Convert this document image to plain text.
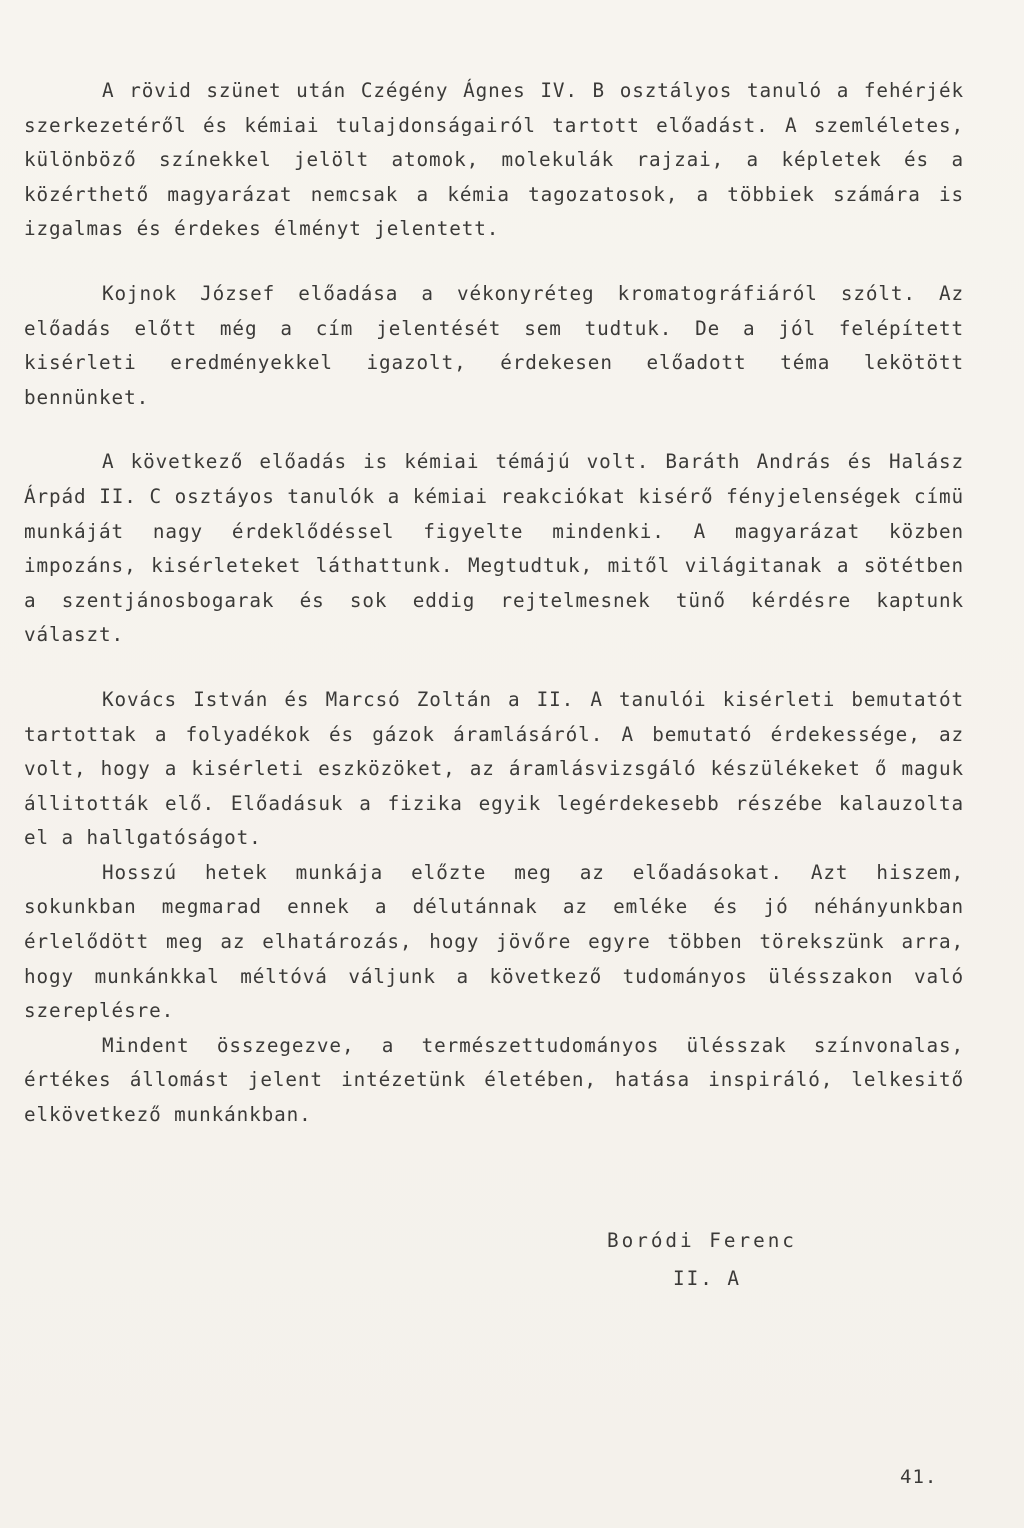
A rövid szünet után Czégény Ágnes IV. B osztályos tanuló a fehérjék szerkezetéről és kémiai tulajdonságairól tartott előadást. A szemléletes, különböző színekkel jelölt atomok, molekulák rajzai, a képletek és a közérthető magyarázat nemcsak a kémia tagozatosok, a többiek számára is izgalmas és érdekes élményt jelentett.

Kojnok József előadása a vékonyréteg kromatográfiáról szólt. Az előadás előtt még a cím jelentését sem tudtuk. De a jól felépített kisérleti eredményekkel igazolt, érdekesen előadott téma lekötött bennünket.

A következő előadás is kémiai témájú volt. Baráth András és Halász Árpád II. C osztáyos tanulók a kémiai reakciókat kisérő fényjelenségek címü munkáját nagy érdeklődéssel figyelte mindenki. A magyarázat közben impozáns, kisérleteket láthattunk. Megtudtuk, mitől világitanak a sötétben a szentjánosbogarak és sok eddig rejtelmesnek tünő kérdésre kaptunk választ.

Kovács István és Marcsó Zoltán a II. A tanulói kisérleti bemutatót tartottak a folyadékok és gázok áramlásáról. A bemutató érdekessége, az volt, hogy a kisérleti eszközöket, az áramlásvizsgáló készülékeket ő maguk állitották elő. Előadásuk a fizika egyik legérdekesebb részébe kalauzolta el a hallgatóságot.

Hosszú hetek munkája előzte meg az előadásokat. Azt hiszem, sokunkban megmarad ennek a délutánnak az emléke és jó néhányunkban érlelődött meg az elhatározás, hogy jövőre egyre többen törekszünk arra, hogy munkánkkal méltóvá váljunk a következő tudományos ülésszakon való szereplésre.

Mindent összegezve, a természettudományos ülésszak színvonalas, értékes állomást jelent intézetünk életében, hatása inspiráló, lelkesitő elkövetkező munkánkban.

Boródi Ferenc
II. A
41.
